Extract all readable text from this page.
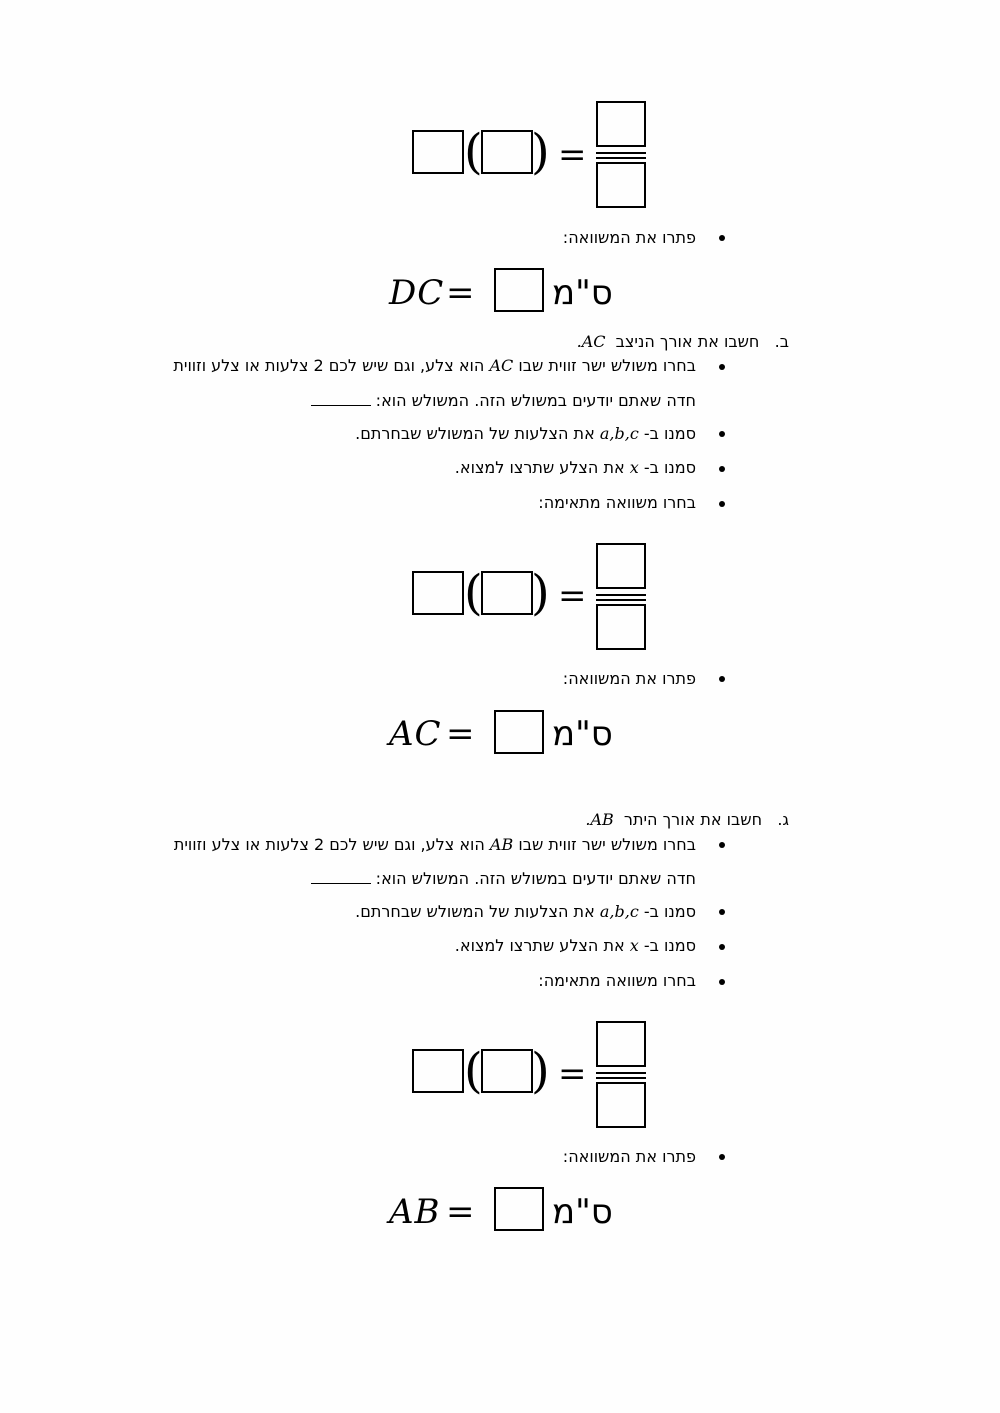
( ) =
פתרו את המשוואה:
DC = ס"מ
ב.   חשבו את אורך הניצב  AC.
בחרו משולש ישר זווית שבו AC הוא צלע, וגם שיש לכם 2 צלעות או צלע וזווית
חדה שאתם יודעים במשולש הזה. המשולש הוא:
סמנו ב- a,b,c את הצלעות של המשולש שבחרתם.
סמנו ב- x את הצלע שתרצו למצוא.
בחרו משוואה מתאימה:
( ) =
פתרו את המשוואה:
AC = ס"מ
ג.   חשבו את אורך היתר  AB.
בחרו משולש ישר זווית שבו AB הוא צלע, וגם שיש לכם 2 צלעות או צלע וזווית
חדה שאתם יודעים במשולש הזה. המשולש הוא:
סמנו ב- a,b,c את הצלעות של המשולש שבחרתם.
סמנו ב- x את הצלע שתרצו למצוא.
בחרו משוואה מתאימה:
( ) =
פתרו את המשוואה:
AB = ס"מ
